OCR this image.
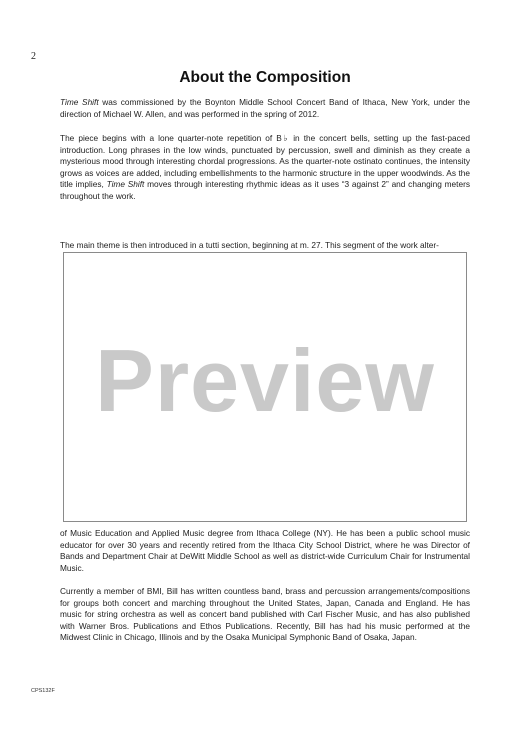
2
About the Composition

Time Shift was commissioned by the Boynton Middle School Concert Band of Ithaca, New York, under the direction of Michael W. Allen, and was performed in the spring of 2012.

The piece begins with a lone quarter-note repetition of B♭ in the concert bells, setting up the fast-paced introduction. Long phrases in the low winds, punctuated by percussion, swell and diminish as they create a mysterious mood through interesting chordal progressions. As the quarter-note ostinato continues, the intensity grows as voices are added, including embellishments to the harmonic structure in the upper woodwinds. As the title implies, Time Shift moves through interesting rhythmic ideas as it uses “3 against 2” and changing meters throughout the work.

The main theme is then introduced in a tutti section, beginning at m. 27. This segment of the work alter-

Preview

of Music Education and Applied Music degree from Ithaca College (NY). He has been a public school music educator for over 30 years and recently retired from the Ithaca City School District, where he was Director of Bands and Department Chair at DeWitt Middle School as well as district-wide Curriculum Chair for Instrumental Music.

Currently a member of BMI, Bill has written countless band, brass and percussion arrangements/compositions for groups both concert and marching throughout the United States, Japan, Canada and England. He has music for string orchestra as well as concert band published with Carl Fischer Music, and has also published with Warner Bros. Publications and Ethos Publications. Recently, Bill has had his music performed at the Midwest Clinic in Chicago, Illinois and by the Osaka Municipal Symphonic Band of Osaka, Japan.

CPS132F
